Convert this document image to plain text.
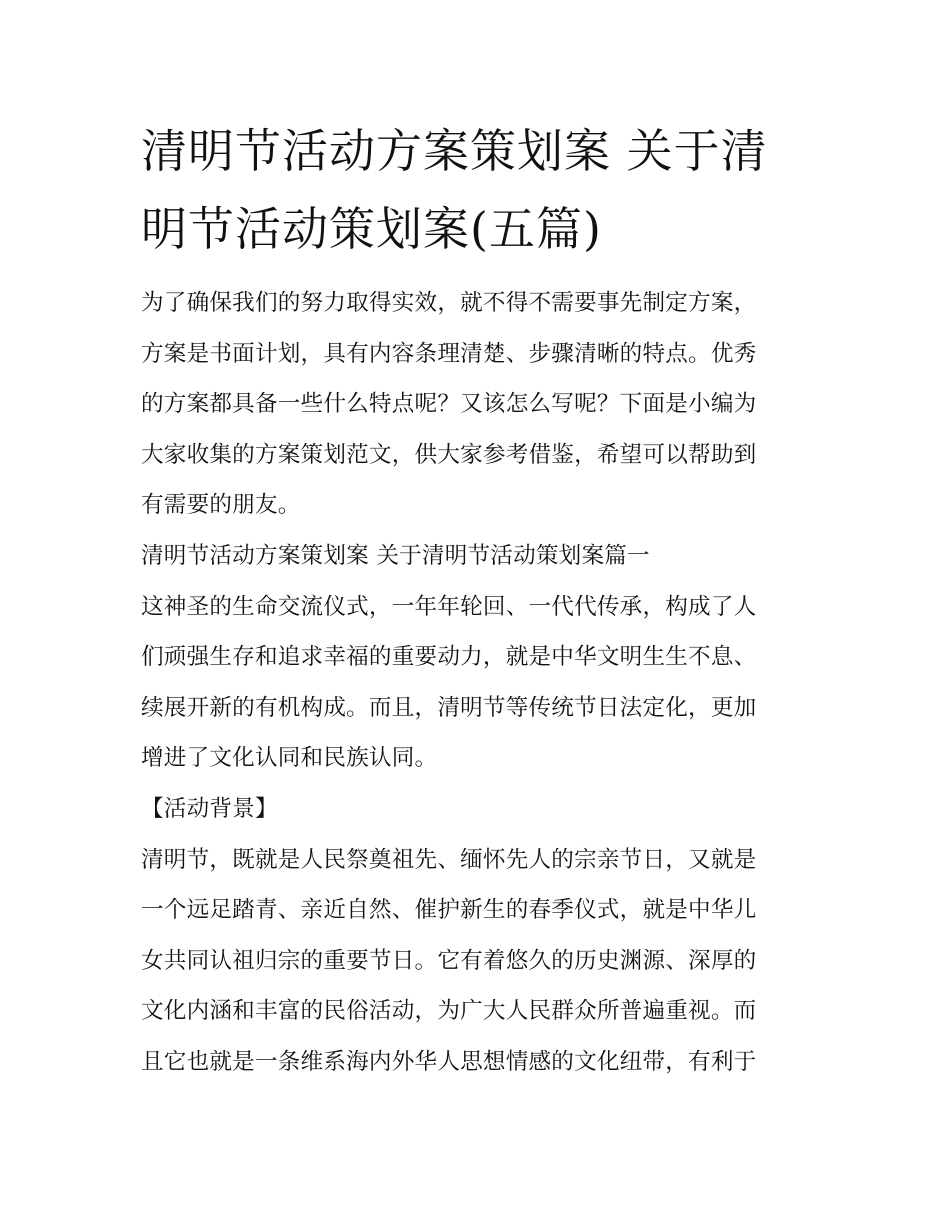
清明节活动方案策划案 关于清
明节活动策划案(五篇)
为了确保我们的努力取得实效，就不得不需要事先制定方案，
方案是书面计划，具有内容条理清楚、步骤清晰的特点。优秀
的方案都具备一些什么特点呢？又该怎么写呢？下面是小编为
大家收集的方案策划范文，供大家参考借鉴，希望可以帮助到
有需要的朋友。
清明节活动方案策划案 关于清明节活动策划案篇一
这神圣的生命交流仪式，一年年轮回、一代代传承，构成了人
们顽强生存和追求幸福的重要动力，就是中华文明生生不息、
续展开新的有机构成。而且，清明节等传统节日法定化，更加
增进了文化认同和民族认同。
【活动背景】
清明节，既就是人民祭奠祖先、缅怀先人的宗亲节日，又就是
一个远足踏青、亲近自然、催护新生的春季仪式，就是中华儿
女共同认祖归宗的重要节日。它有着悠久的历史渊源、深厚的
文化内涵和丰富的民俗活动，为广大人民群众所普遍重视。而
且它也就是一条维系海内外华人思想情感的文化纽带，有利于
